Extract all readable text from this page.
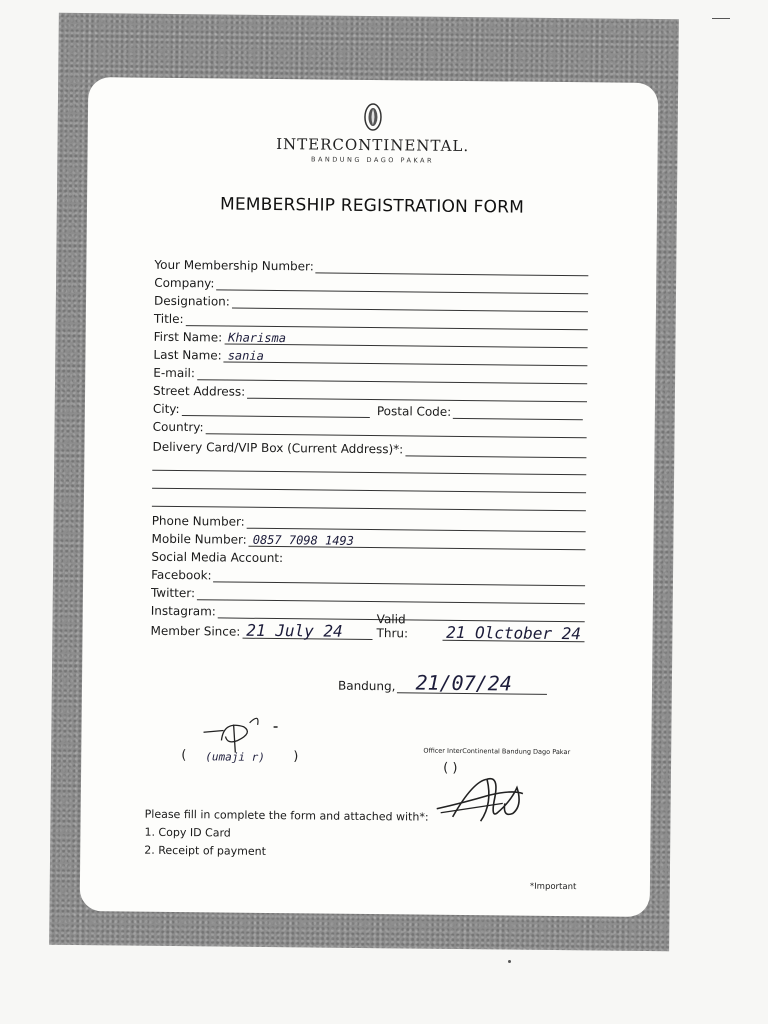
INTERCONTINENTAL.
BANDUNG DAGO PAKAR
MEMBERSHIP REGISTRATION FORM
Your Membership Number:
Company:
Designation:
Title:
First Name: Kharisma
Last Name: sania
E-mail:
Street Address:
City:	Postal Code:
Country:
Delivery Card/VIP Box (Current Address)*:
Phone Number:
Mobile Number: 0857 7098 1493
Social Media Account:
Facebook:
Twitter:
Instagram:
Member Since: 21 July 24
Valid Thru:	21 Olctober 24
Bandung, 21/07/24
( (umaji r) )	Officer InterContinental Bandung Dago Pakar
( )
Please fill in complete the form and attached with*:
1. Copy ID Card
2. Receipt of payment
*Important
